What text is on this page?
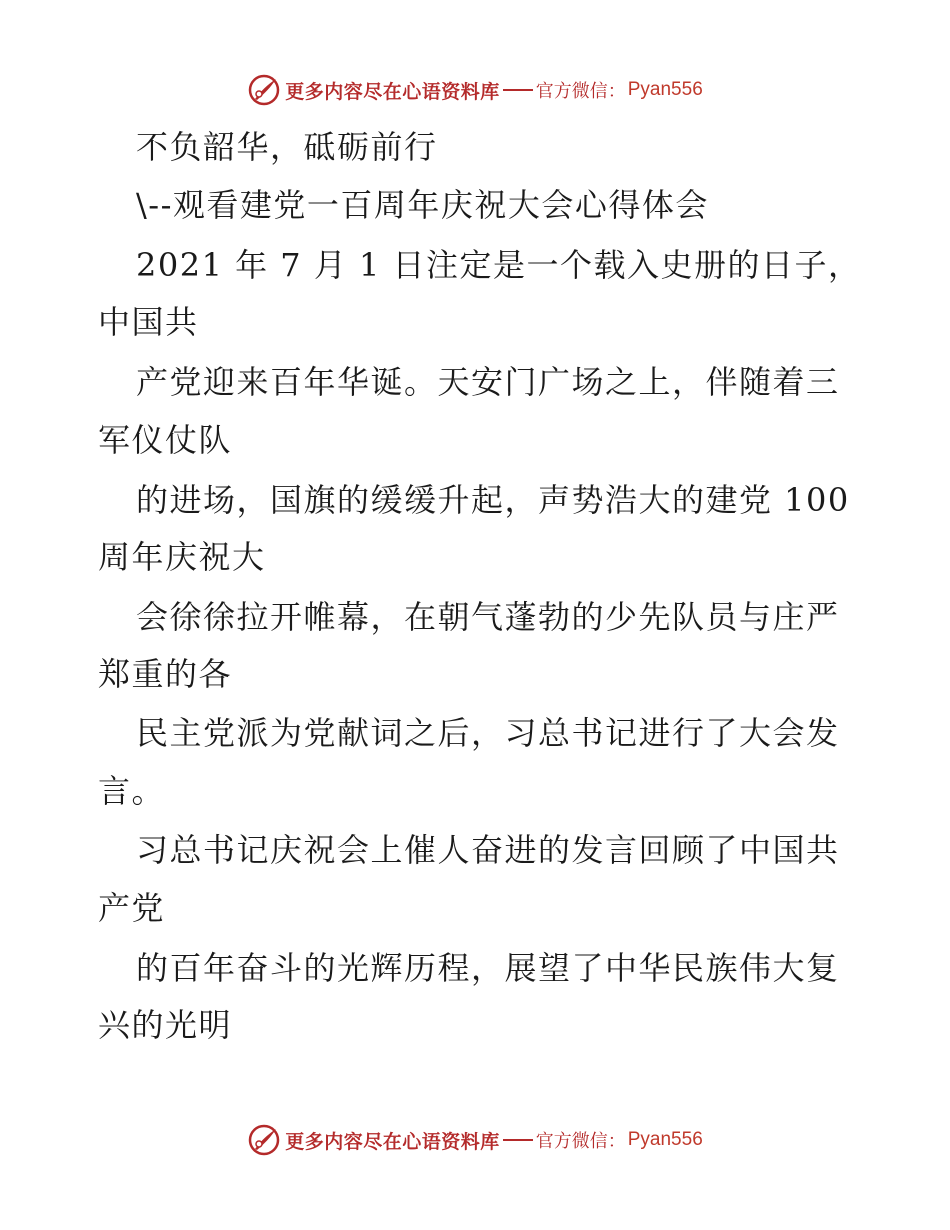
更多内容尽在心语资料库 官方微信： Pyan556

不负韶华，砥砺前行

\--观看建党一百周年庆祝大会心得体会

2021 年 7 月 1 日注定是一个载入史册的日子，

中国共

产党迎来百年华诞。天安门广场之上，伴随着三

军仪仗队

的进场，国旗的缓缓升起，声势浩大的建党 100

周年庆祝大

会徐徐拉开帷幕，在朝气蓬勃的少先队员与庄严

郑重的各

民主党派为党献词之后，习总书记进行了大会发

言。

习总书记庆祝会上催人奋进的发言回顾了中国共

产党

的百年奋斗的光辉历程，展望了中华民族伟大复

兴的光明

更多内容尽在心语资料库 官方微信： Pyan556
